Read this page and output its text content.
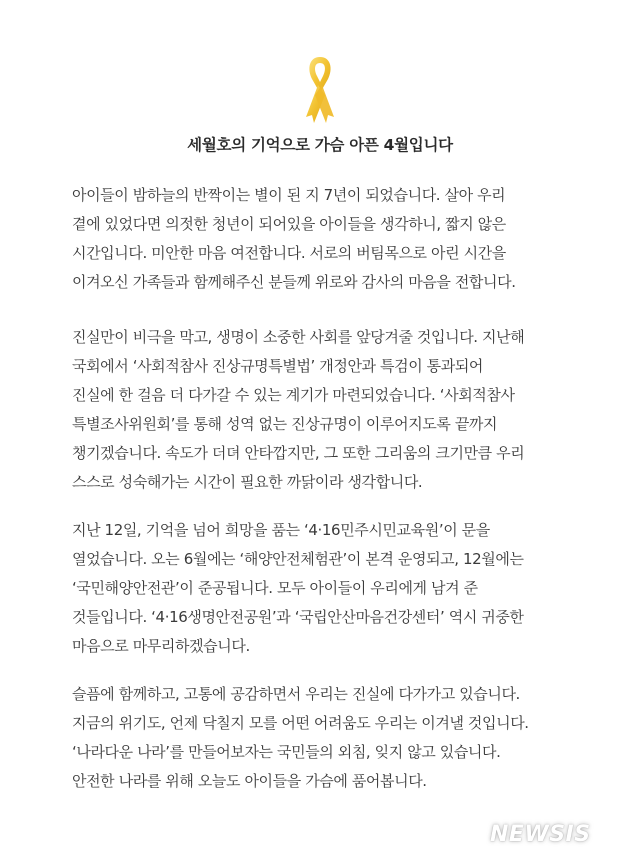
세월호의 기억으로 가슴 아픈 4월입니다

아이들이 밤하늘의 반짝이는 별이 된 지 7년이 되었습니다. 살아 우리
곁에 있었다면 의젓한 청년이 되어있을 아이들을 생각하니, 짧지 않은
시간입니다. 미안한 마음 여전합니다. 서로의 버팀목으로 아린 시간을
이겨오신 가족들과 함께해주신 분들께 위로와 감사의 마음을 전합니다.

진실만이 비극을 막고, 생명이 소중한 사회를 앞당겨줄 것입니다. 지난해
국회에서 ‘사회적참사 진상규명특별법’ 개정안과 특검이 통과되어
진실에 한 걸음 더 다가갈 수 있는 계기가 마련되었습니다. ‘사회적참사
특별조사위원회’를 통해 성역 없는 진상규명이 이루어지도록 끝까지
챙기겠습니다. 속도가 더뎌 안타깝지만, 그 또한 그리움의 크기만큼 우리
스스로 성숙해가는 시간이 필요한 까닭이라 생각합니다.

지난 12일, 기억을 넘어 희망을 품는 ‘4·16민주시민교육원’이 문을
열었습니다. 오는 6월에는 ‘해양안전체험관’이 본격 운영되고, 12월에는
‘국민해양안전관’이 준공됩니다. 모두 아이들이 우리에게 남겨 준
것들입니다. ‘4·16생명안전공원’과 ‘국립안산마음건강센터’ 역시 귀중한
마음으로 마무리하겠습니다.

슬픔에 함께하고, 고통에 공감하면서 우리는 진실에 다가가고 있습니다.
지금의 위기도, 언제 닥칠지 모를 어떤 어려움도 우리는 이겨낼 것입니다.
‘나라다운 나라’를 만들어보자는 국민들의 외침, 잊지 않고 있습니다.
안전한 나라를 위해 오늘도 아이들을 가슴에 품어봅니다.

NEWSIS
